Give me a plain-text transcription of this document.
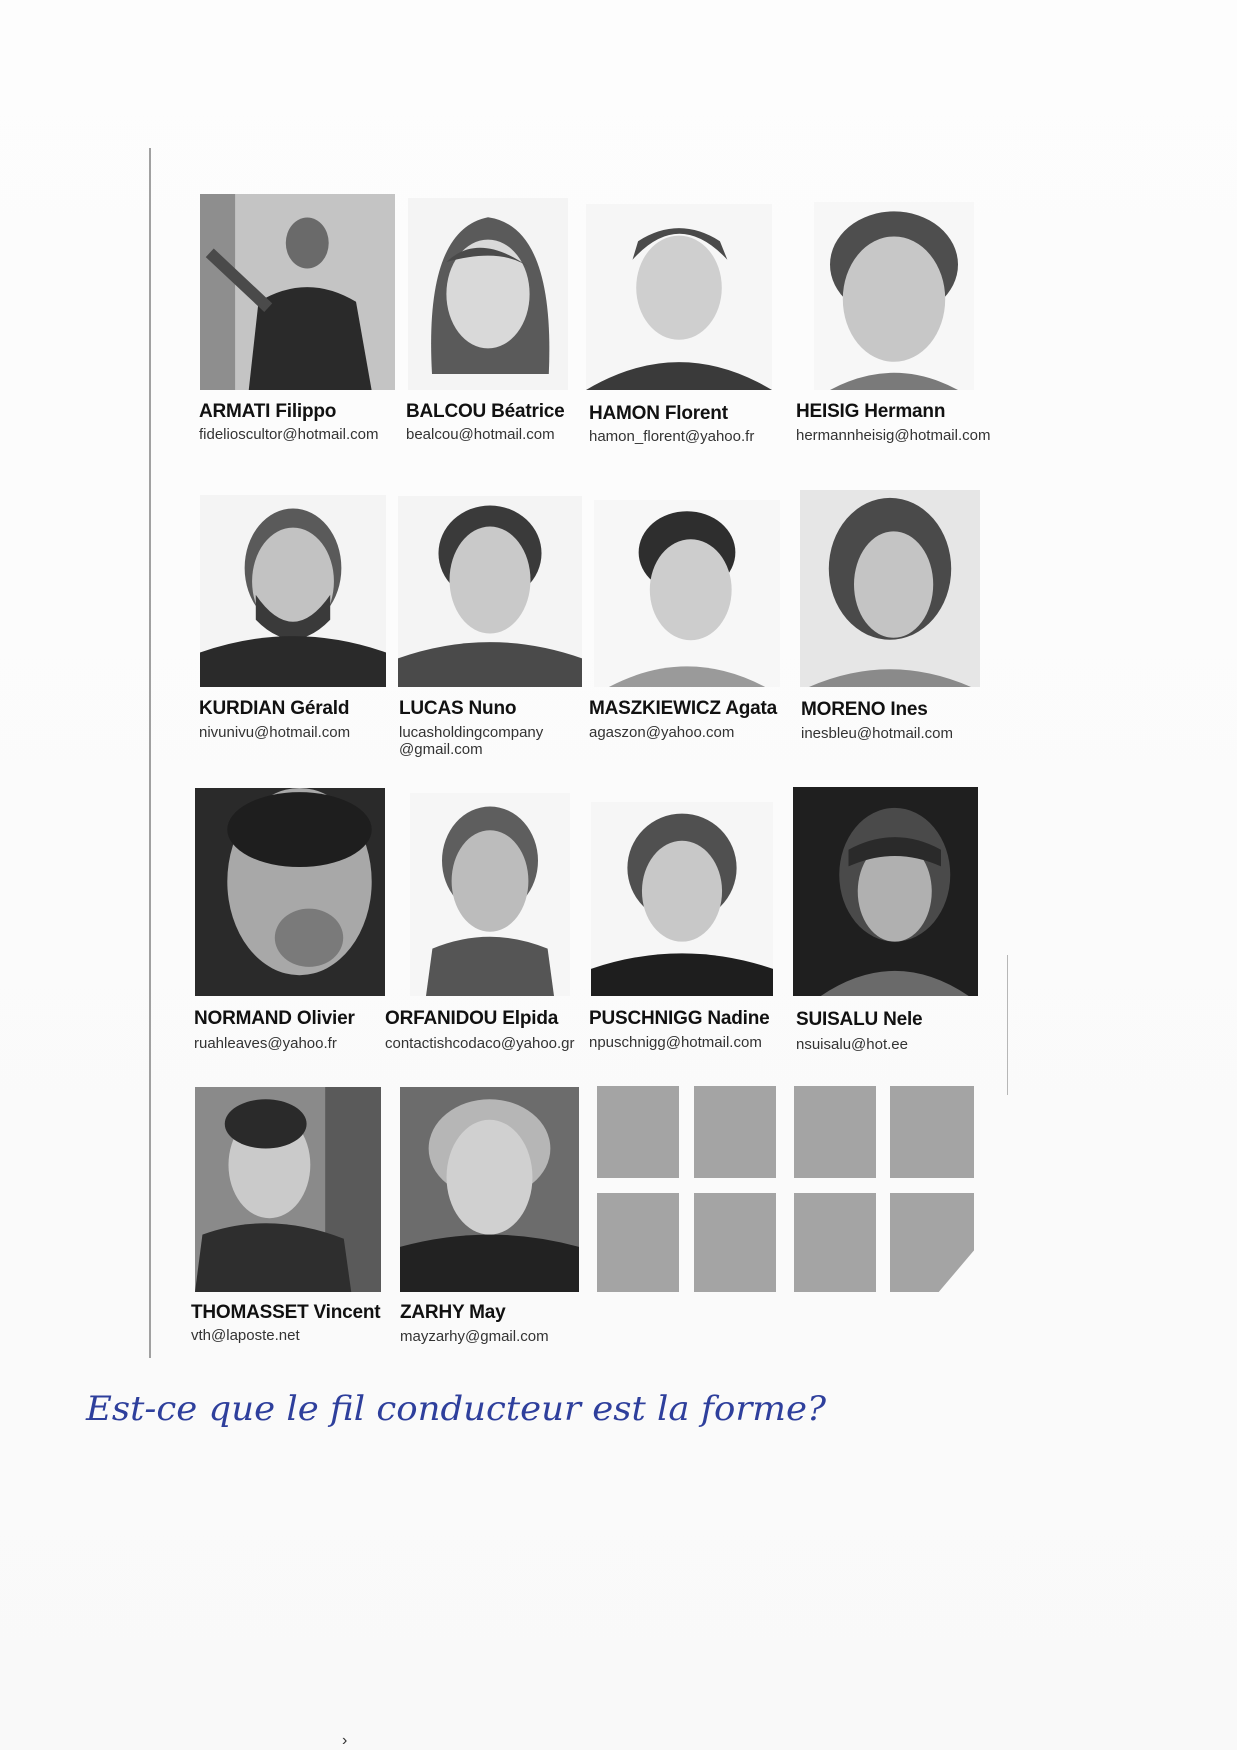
ARMATI Filippo
fidelioscultor@hotmail.com
BALCOU Béatrice
bealcou@hotmail.com
HAMON Florent
hamon_florent@yahoo.fr
HEISIG Hermann
hermannheisig@hotmail.com
KURDIAN Gérald
nivunivu@hotmail.com
LUCAS Nuno
lucasholdingcompany
@gmail.com
MASZKIEWICZ Agata
agaszon@yahoo.com
MORENO Ines
inesbleu@hotmail.com
NORMAND Olivier
ruahleaves@yahoo.fr
ORFANIDOU Elpida
contactishcodaco@yahoo.gr
PUSCHNIGG Nadine
npuschnigg@hotmail.com
SUISALU Nele
nsuisalu@hot.ee
THOMASSET Vincent
vth@laposte.net
ZARHY May
mayzarhy@gmail.com
Est-ce que le fil conducteur est la forme?
›
